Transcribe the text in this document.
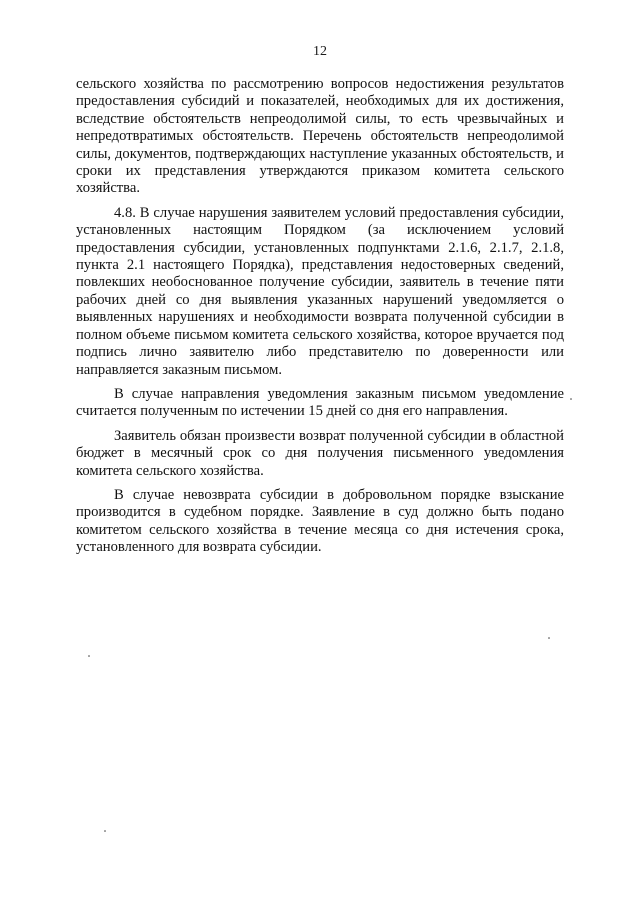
12

сельского хозяйства по рассмотрению вопросов недостижения результатов предоставления субсидий и показателей, необходимых для их достижения, вследствие обстоятельств непреодолимой силы, то есть чрезвычайных и непредотвратимых обстоятельств. Перечень обстоятельств непреодолимой силы, документов, подтверждающих наступление указанных обстоятельств, и сроки их представления утверждаются приказом комитета сельского хозяйства.

4.8. В случае нарушения заявителем условий предоставления субсидии, установленных настоящим Порядком (за исключением условий предоставления субсидии, установленных подпунктами 2.1.6, 2.1.7, 2.1.8, пункта 2.1 настоящего Порядка), представления недостоверных сведений, повлекших необоснованное получение субсидии, заявитель в течение пяти рабочих дней со дня выявления указанных нарушений уведомляется о выявленных нарушениях и необходимости возврата полученной субсидии в полном объеме письмом комитета сельского хозяйства, которое вручается под подпись лично заявителю либо представителю по доверенности или направляется заказным письмом.

В случае направления уведомления заказным письмом уведомление считается полученным по истечении 15 дней со дня его направления.

Заявитель обязан произвести возврат полученной субсидии в областной бюджет в месячный срок со дня получения письменного уведомления комитета сельского хозяйства.

В случае невозврата субсидии в добровольном порядке взыскание производится в судебном порядке. Заявление в суд должно быть подано комитетом сельского хозяйства в течение месяца со дня истечения срока, установленного для возврата субсидии.
